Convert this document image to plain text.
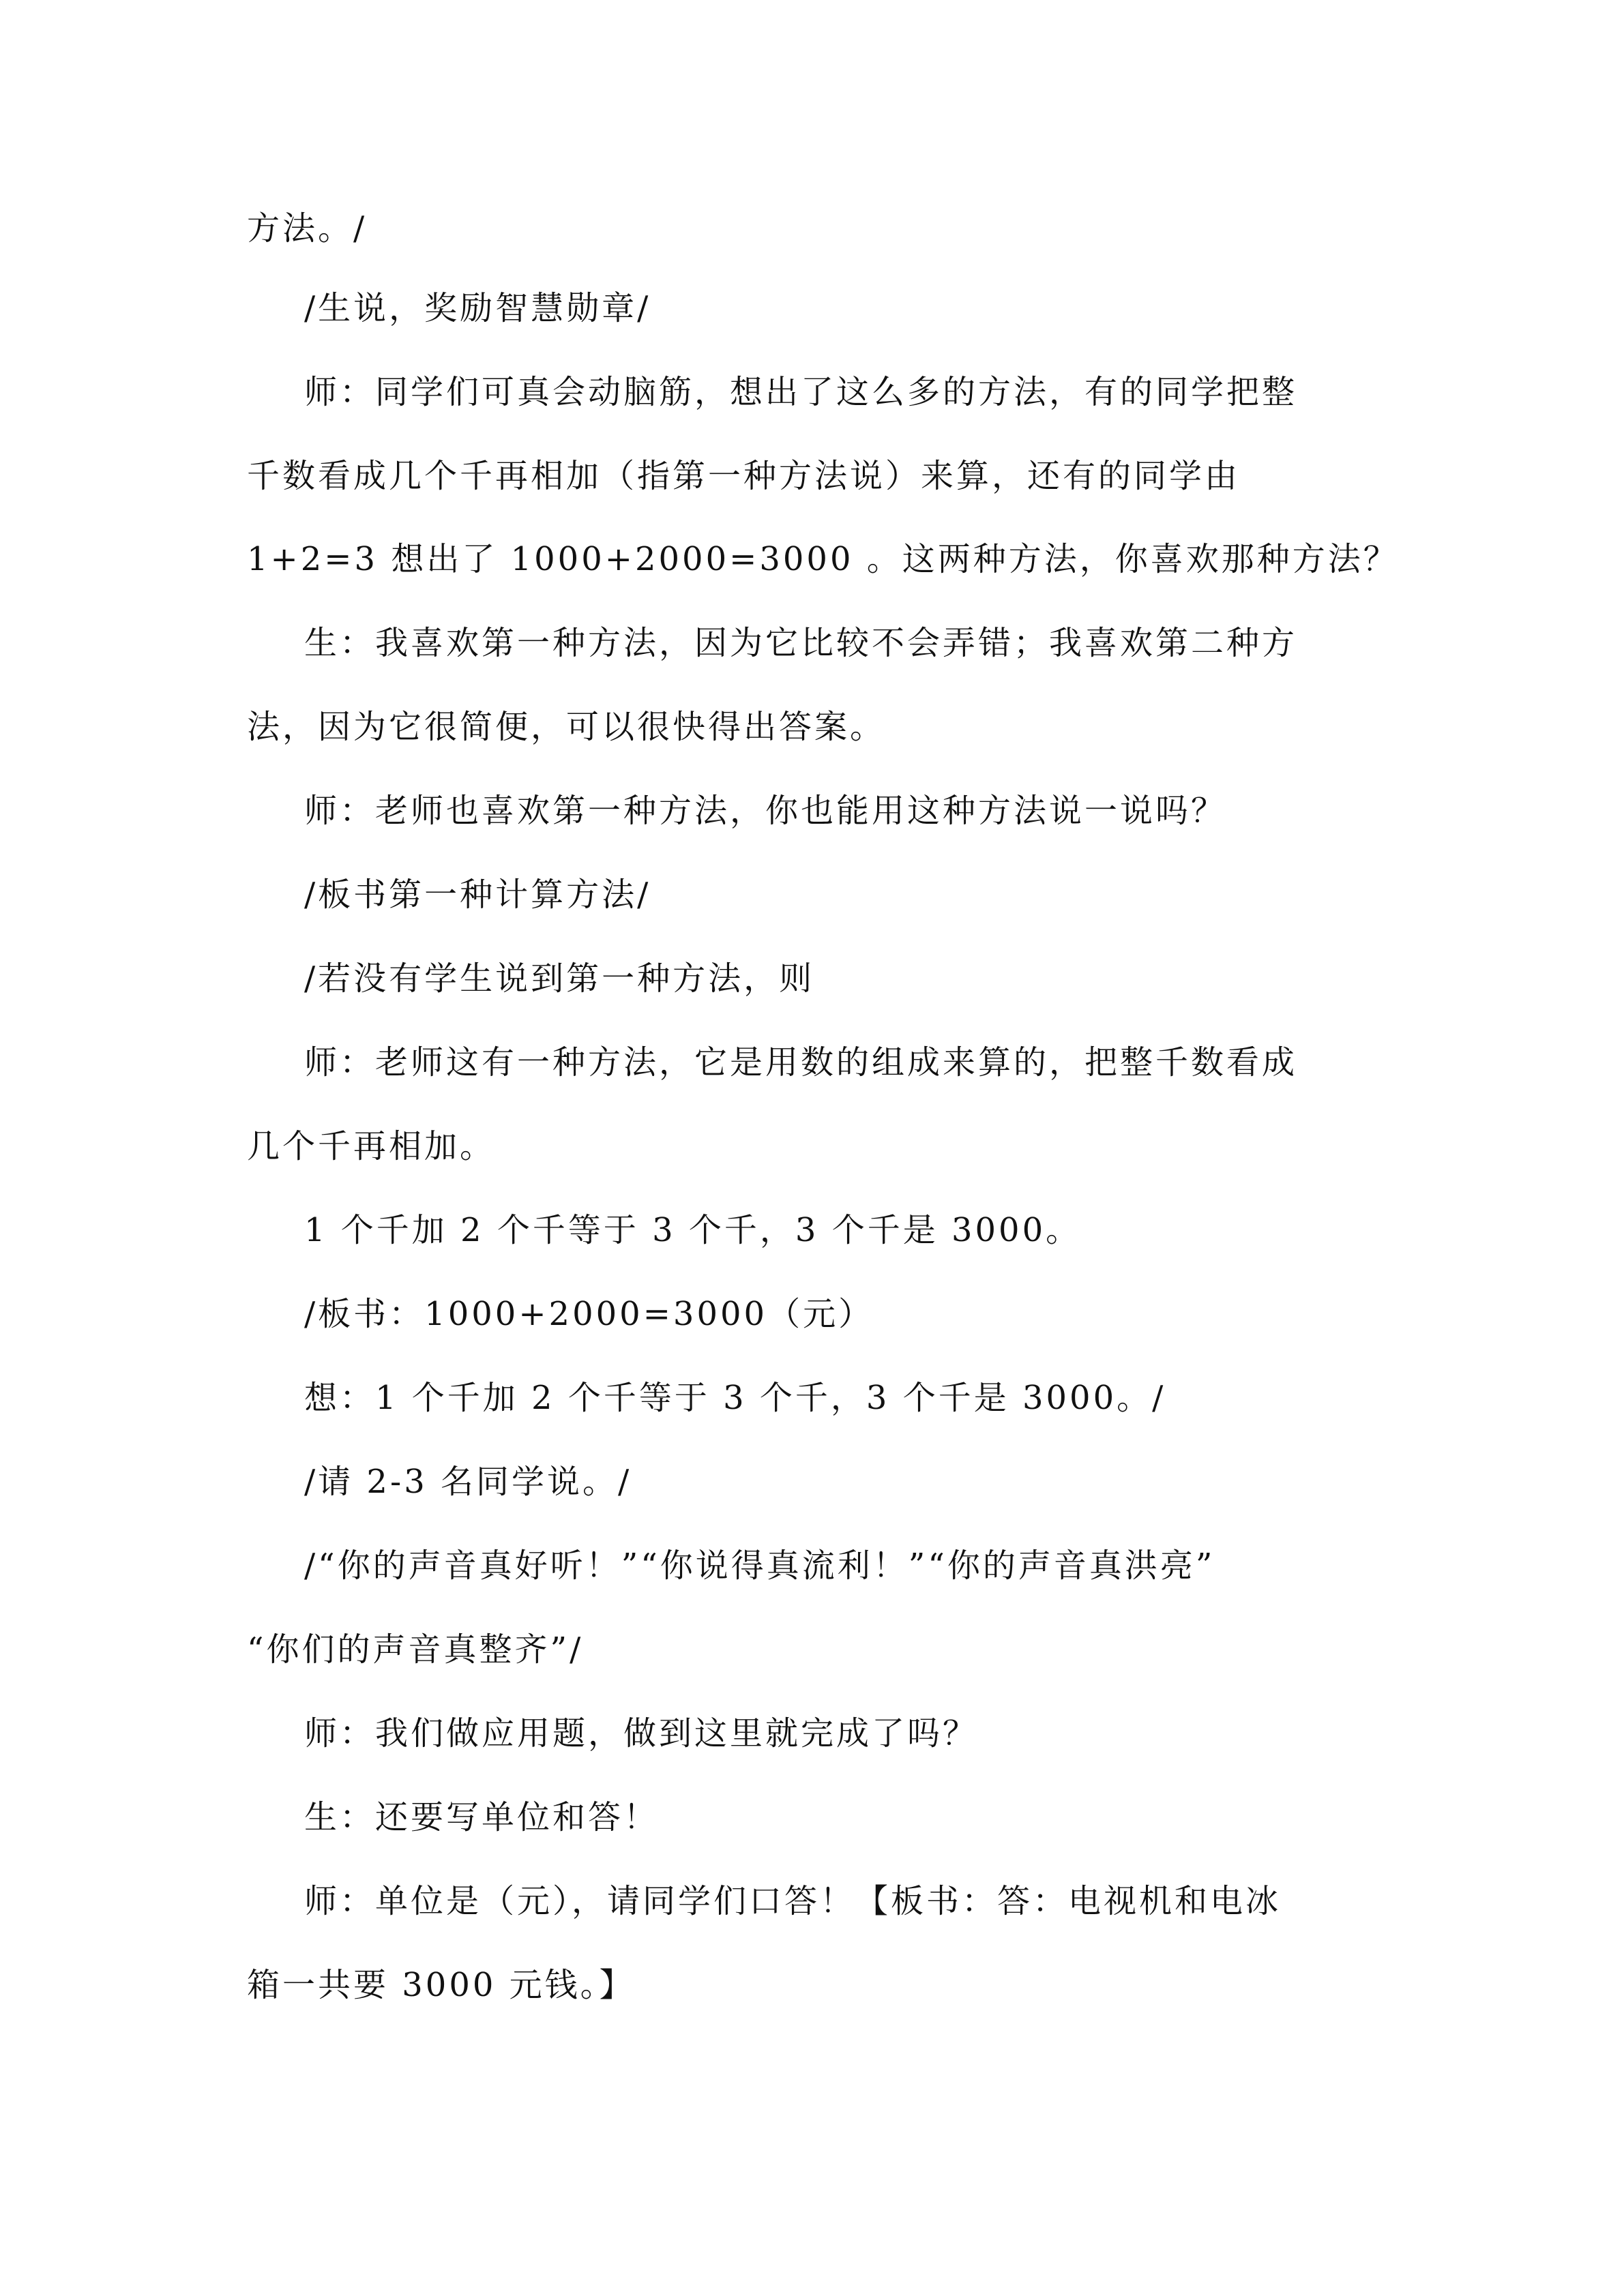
方法。/
/生说，奖励智慧勋章/
师：同学们可真会动脑筋，想出了这么多的方法，有的同学把整
千数看成几个千再相加（指第一种方法说）来算，还有的同学由
1+2=3 想出了 1000+2000=3000 。这两种方法，你喜欢那种方法？
生：我喜欢第一种方法，因为它比较不会弄错；我喜欢第二种方
法，因为它很简便，可以很快得出答案。
师：老师也喜欢第一种方法，你也能用这种方法说一说吗？
/板书第一种计算方法/
/若没有学生说到第一种方法，则
师：老师这有一种方法，它是用数的组成来算的，把整千数看成
几个千再相加。
1 个千加 2 个千等于 3 个千，3 个千是 3000。
/板书：1000+2000=3000（元）
想：1 个千加 2 个千等于 3 个千，3 个千是 3000。/
/请 2-3 名同学说。/
/“你的声音真好听！”“你说得真流利！”“你的声音真洪亮”
“你们的声音真整齐”/
师：我们做应用题，做到这里就完成了吗？
生：还要写单位和答！
师：单位是（元），请同学们口答！【板书：答：电视机和电冰
箱一共要 3000 元钱。】
